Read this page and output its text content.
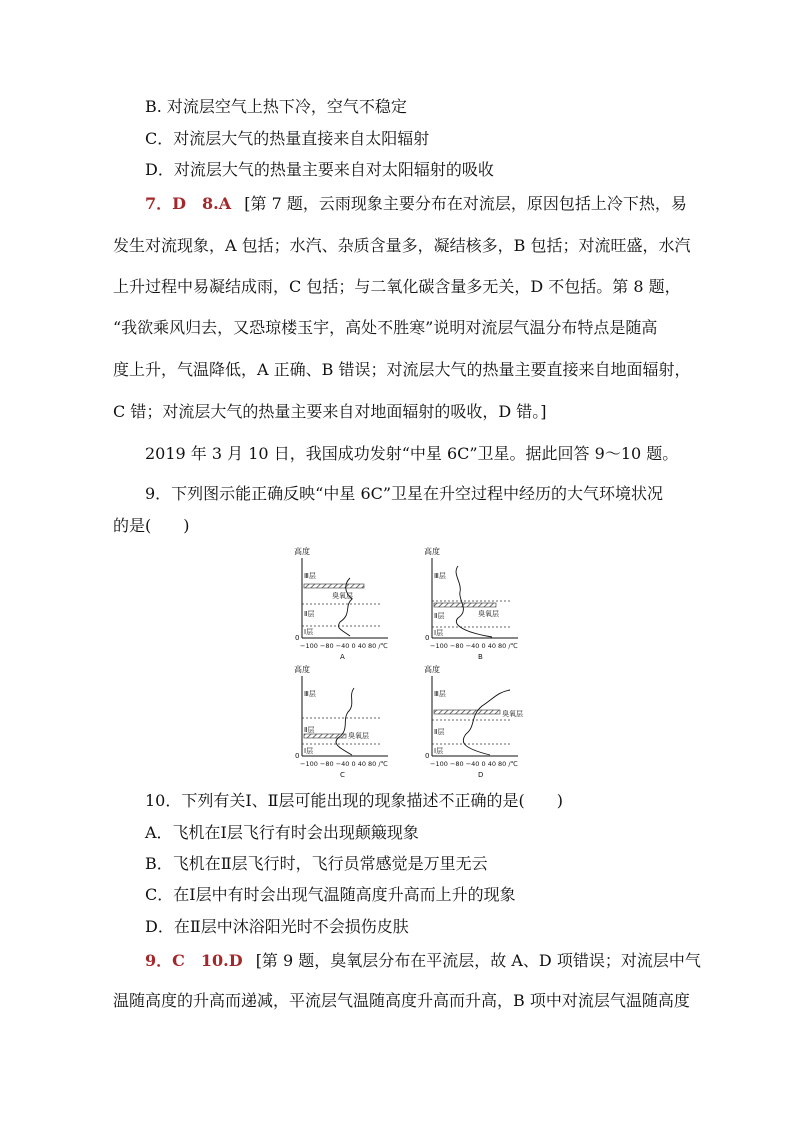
B. 对流层空气上热下冷，空气不稳定
C．对流层大气的热量直接来自太阳辐射
D．对流层大气的热量主要来自对太阳辐射的吸收
7．D　8.A [第 7 题，云雨现象主要分布在对流层，原因包括上冷下热，易
发生对流现象，A 包括；水汽、杂质含量多，凝结核多，B 包括；对流旺盛，水汽
上升过程中易凝结成雨，C 包括；与二氧化碳含量多无关，D 不包括。第 8 题，
“我欲乘风归去，又恐琼楼玉宇，高处不胜寒”说明对流层气温分布特点是随高
度上升，气温降低，A 正确、B 错误；对流层大气的热量主要直接来自地面辐射，
C 错；对流层大气的热量主要来自对地面辐射的吸收，D 错。]
2019 年 3 月 10 日，我国成功发射“中星 6C”卫星。据此回答 9～10 题。
9．下列图示能正确反映“中星 6C”卫星在升空过程中经历的大气环境状况
的是(　　)
高度
0
Ⅲ层
臭氧层
Ⅱ层
Ⅰ层
−100 −80 −40 0 40 80 /℃
A
高度
0
Ⅲ层
臭氧层
Ⅱ层
Ⅰ层
−100 −80 −40 0 40 80 /℃
B
高度
0
Ⅲ层
臭氧层
Ⅱ层
Ⅰ层
−100 −80 −40 0 40 80 /℃
C
高度
0
Ⅲ层
臭氧层
Ⅱ层
Ⅰ层
−100 −80 −40 0 40 80 /℃
D
10．下列有关Ⅰ、Ⅱ层可能出现的现象描述不正确的是(　　)
A．飞机在Ⅰ层飞行有时会出现颠簸现象
B．飞机在Ⅱ层飞行时，飞行员常感觉是万里无云
C．在Ⅰ层中有时会出现气温随高度升高而上升的现象
D．在Ⅱ层中沐浴阳光时不会损伤皮肤
9．C　10.D [第 9 题，臭氧层分布在平流层，故 A、D 项错误；对流层中气
温随高度的升高而递减，平流层气温随高度升高而升高，B 项中对流层气温随高度
